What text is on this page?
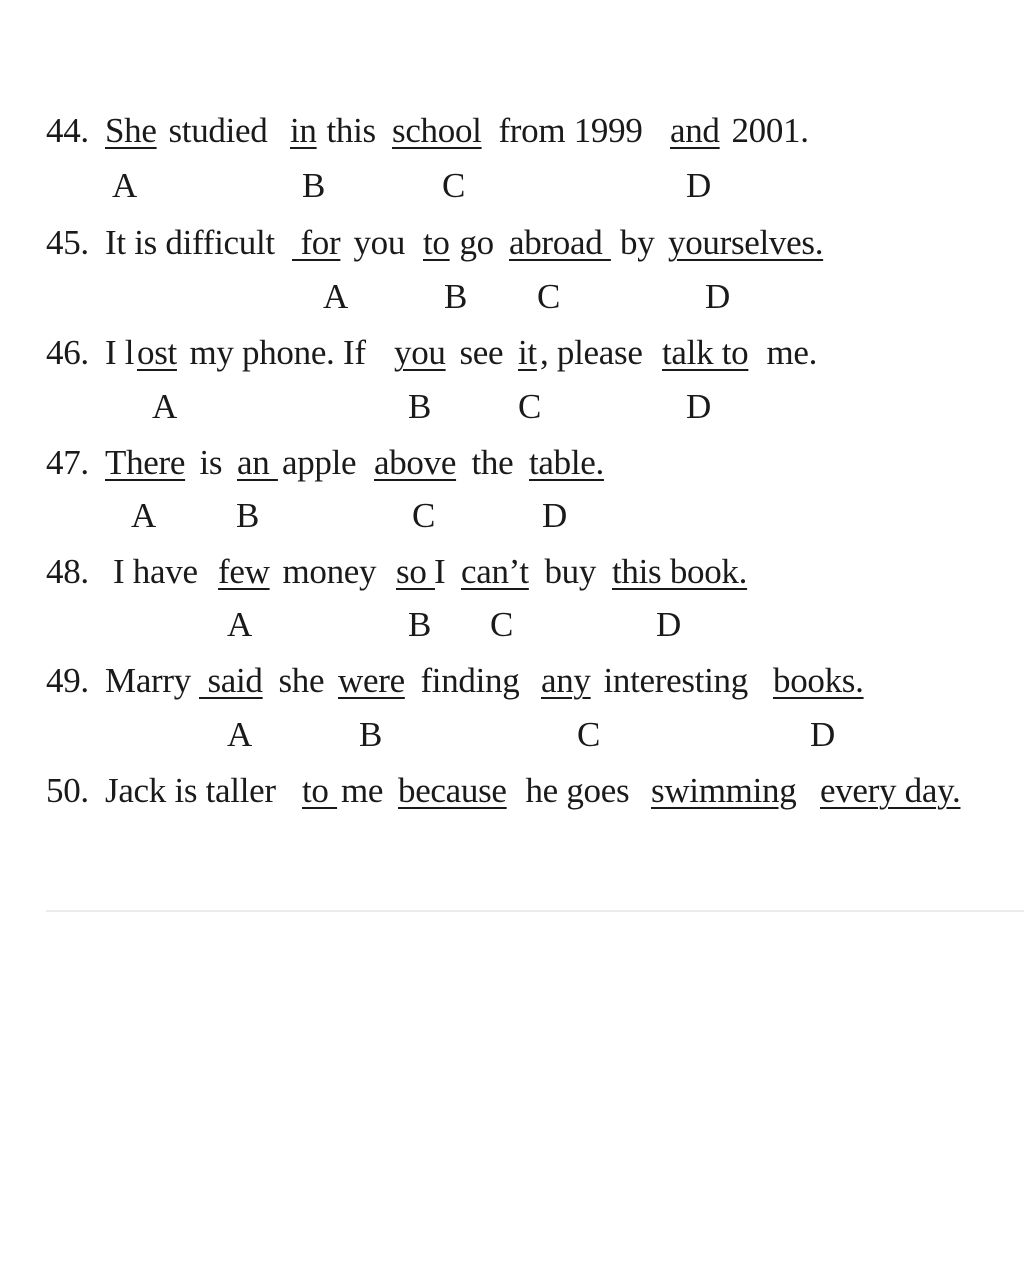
44. She studied in this school from 1999 and 2001.
A	B	C	D
45. It is difficult for you to go abroad by yourselves.
A	B C	D
46. I l ost my phone. If you see it , please talk to me.
A	B C	D
47. There is an apple above the table.
A B	C	D
48. I have few money so I can’t buy this book.
A	B C	D
49. Marry said she were finding any interesting books.
A	B	C	D
50. Jack is taller to me because he goes swimming
every day.
